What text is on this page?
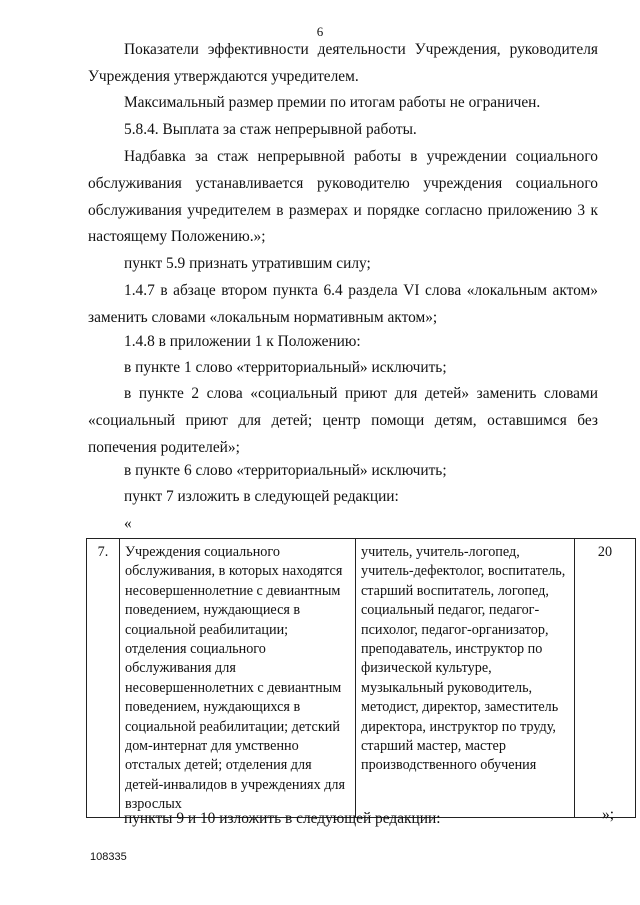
6

Показатели эффективности деятельности Учреждения, руководителя Учреждения утверждаются учредителем.

Максимальный размер премии по итогам работы не ограничен.

5.8.4. Выплата за стаж непрерывной работы.

Надбавка за стаж непрерывной работы в учреждении социального обслуживания устанавливается руководителю учреждения социального обслуживания учредителем в размерах и порядке согласно приложению 3 к настоящему Положению.»;

пункт 5.9 признать утратившим силу;

1.4.7 в абзаце втором пункта 6.4 раздела VI слова «локальным актом» заменить словами «локальным нормативным актом»;

1.4.8 в приложении 1 к Положению:

в пункте 1 слово «территориальный» исключить;

в пункте 2 слова «социальный приют для детей» заменить словами «социальный приют для детей; центр помощи детям, оставшимся без попечения родителей»;

в пункте 6 слово «территориальный» исключить;

пункт 7 изложить в следующей редакции:

«

7.	Учреждения социального обслуживания, в которых находятся несовершеннолетние с девиантным поведением, нуждающиеся в социальной реабилитации; отделения социального обслуживания для несовершеннолетних с девиантным поведением, нуждающихся в социальной реабилитации; детский дом-интернат для умственно отсталых детей; отделения для детей-инвалидов в учреждениях для взрослых	учитель, учитель-логопед, учитель-дефектолог, воспитатель, старший воспитатель, логопед, социальный педагог, педагог-психолог, педагог-организатор, преподаватель, инструктор по физической культуре, музыкальный руководитель, методист, директор, заместитель директора, инструктор по труду, старший мастер, мастер производственного обучения	20
»;

пункты 9 и 10 изложить в следующей редакции:

108335
